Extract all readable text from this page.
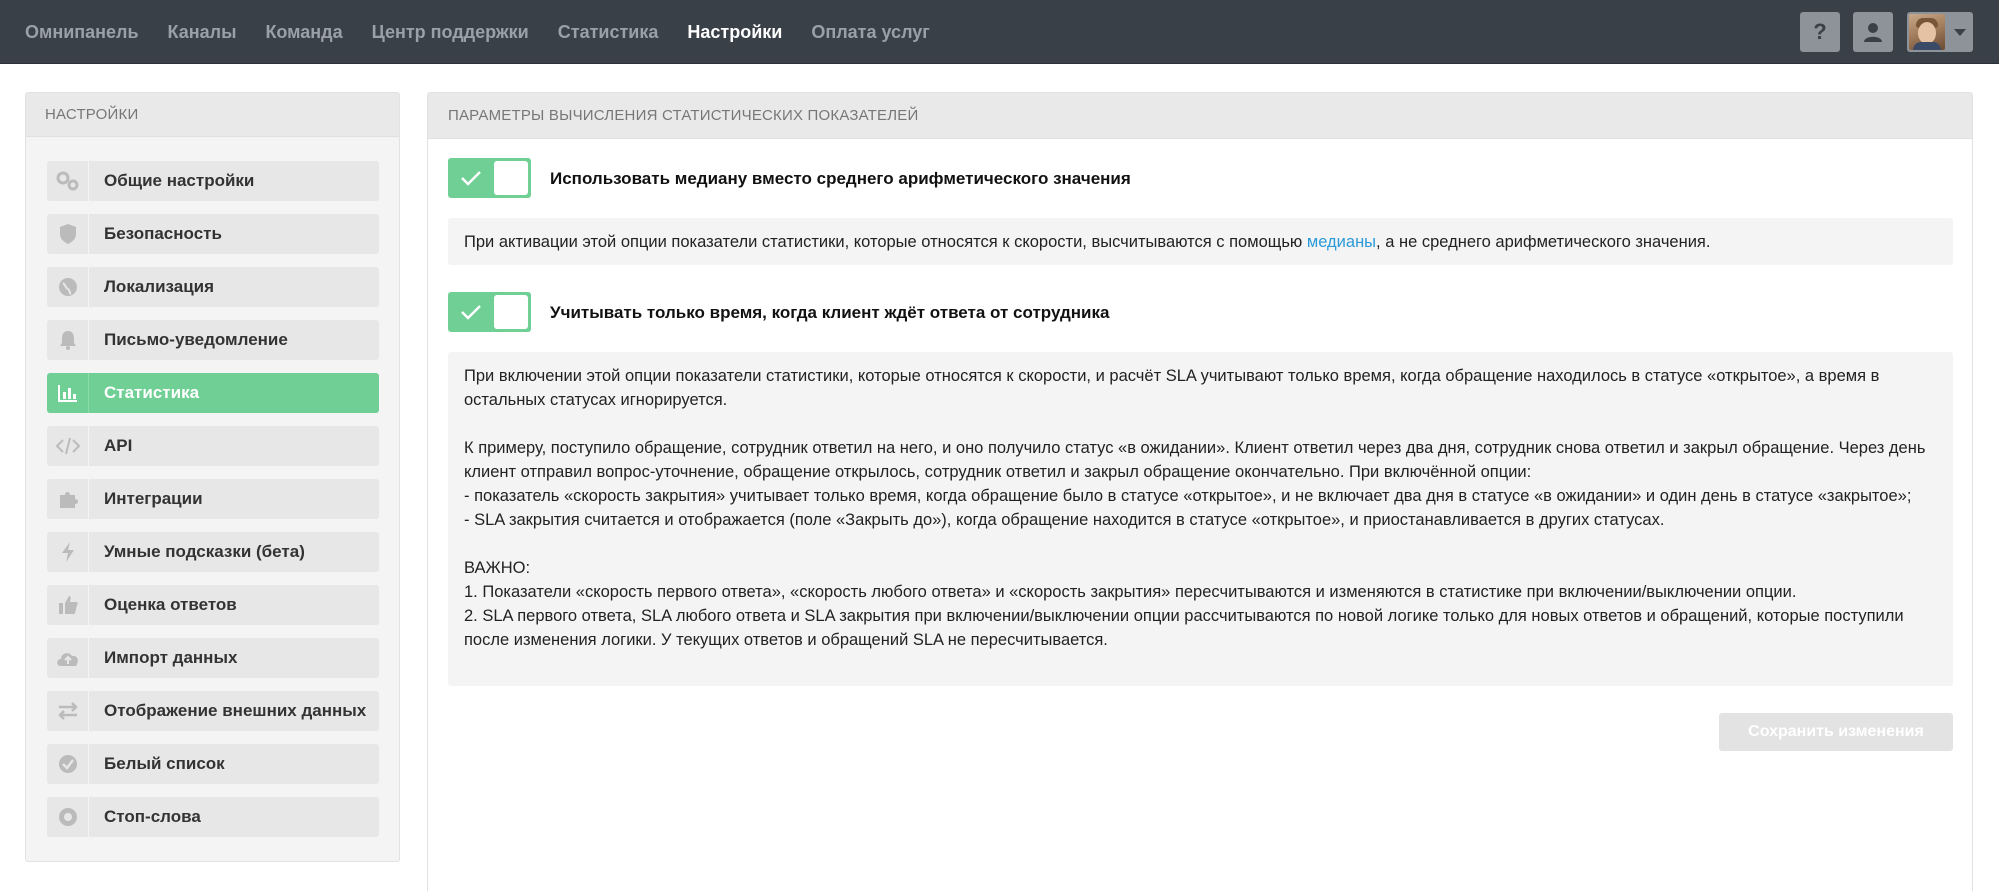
Омнипанель Каналы Команда Центр поддержки Статистика Настройки Оплата услуг	?
НАСТРОЙКИ
Общие настройки
Безопасность
Локализация
Письмо-уведомление
Статистика
API
Интеграции
Умные подсказки (бета)
Оценка ответов
Импорт данных
Отображение внешних данных
Белый список
Стоп-слова
ПАРАМЕТРЫ ВЫЧИСЛЕНИЯ СТАТИСТИЧЕСКИХ ПОКАЗАТЕЛЕЙ
Использовать медиану вместо среднего арифметического значения

При активации этой опции показатели статистики, которые относятся к скорости, высчитываются с помощью медианы, а не среднего арифметического значения.

Учитывать только время, когда клиент ждёт ответа от сотрудника

При включении этой опции показатели статистики, которые относятся к скорости, и расчёт SLA учитывают только время, когда обращение находилось в статусе «открытое», а время в остальных статусах игнорируется.

К примеру, поступило обращение, сотрудник ответил на него, и оно получило статус «в ожидании». Клиент ответил через два дня, сотрудник снова ответил и закрыл обращение. Через день клиент отправил вопрос-уточнение, обращение открылось, сотрудник ответил и закрыл обращение окончательно. При включённой опции:

- показатель «скорость закрытия» учитывает только время, когда обращение было в статусе «открытое», и не включает два дня в статусе «в ожидании» и один день в статусе «закрытое»;

- SLA закрытия считается и отображается (поле «Закрыть до»), когда обращение находится в статусе «открытое», и приостанавливается в других статусах.

ВАЖНО:

1. Показатели «скорость первого ответа», «скорость любого ответа» и «скорость закрытия» пересчитываются и изменяются в статистике при включении/выключении опции.

2. SLA первого ответа, SLA любого ответа и SLA закрытия при включении/выключении опции рассчитываются по новой логике только для новых ответов и обращений, которые поступили после изменения логики. У текущих ответов и обращений SLA не пересчитывается.

Сохранить изменения
